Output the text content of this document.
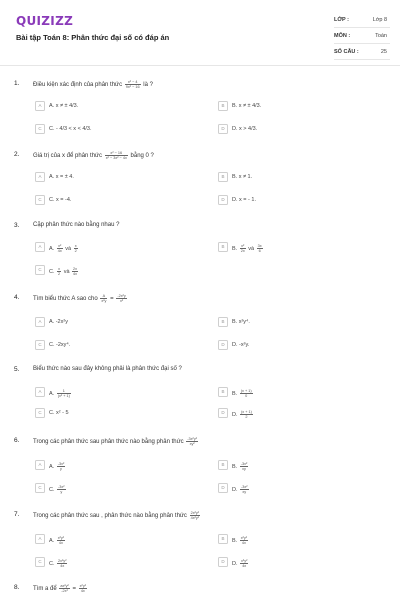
QUIZIZZ
Bài tập Toán 8: Phân thức đại số có đáp án
LỚP :	Lớp 8
MÔN :	Toán
SỐ CÂU :	25
1. Điều kiện xác định của phân thức $\frac{\text{x² − 4}}{\text{9x² − 16}}$ là ?
A	A. x ≠ ± 4/3.	B	B. x ≠ ± 4/3.
C	C. - 4/3 < x < 4/3.	D	D. x > 4/3.
2. Giá trị của x để phân thức $\frac{\text{x² − 16}}{\text{x² − 3x² − 4x}}$ bằng 0 ?
A	A. x = ± 4.	B	B. x ≠ 1.
C	C. x = -4.	D	D. x = - 1.
3. Cặp phân thức nào bằng nhau ?
A	A. $\frac{\text{x²}}{4x}$ và $\frac{x}{2}$	B	B. $\frac{\text{x²}}{2x}$ và $\frac{3x}{6}$
C	C. $\frac{x}{2}$ và $\frac{2x}{4x}$
4. Tìm biểu thức A sao cho $\frac{A}{\text{x²y}} = \frac{\text{-2x²y}}{\text{x²}}$
A	A. -2x²y	B	B. x²y⁴.
C	C. -2xy⁴.	D	D. -x²y.
5. Biểu thức nào sau đây không phải là phân thức đại số ?
A	A. $\frac{1}{\text{(x² + 1)}}$	B	B. $\frac{(x + 1)}{0}$
C	C. x² - 5	D	D. $\frac{(x + 1)}{2}$
6. Trong các phân thức sau phân thức nào bằng phân thức $\frac{\text{-3x²y²}}{\text{xy²}}$
A	A. $\frac{\text{-3x²}}{y}$	B	B. $\frac{\text{-3x²}}{xy}$
C	C. $\frac{\text{-3x²}}{y}$	D	D. $\frac{\text{-3x²}}{xy}$
7. Trong các phân thức sau , phân thức nào bằng phân thức $\frac{\text{2x²y²}}{\text{4x²y²}}$
A	A. $\frac{\text{x²y²}}{4x}$	B	B. $\frac{\text{x²y²}}{4x}$
C	C. $\frac{\text{2x²y²}}{4x}$	D	D. $\frac{\text{x²y²}}{4x}$
8. Tìm a để $\frac{\text{ax²y²}}{\text{-2x²}} = \frac{\text{x²y²}}{4x}$
